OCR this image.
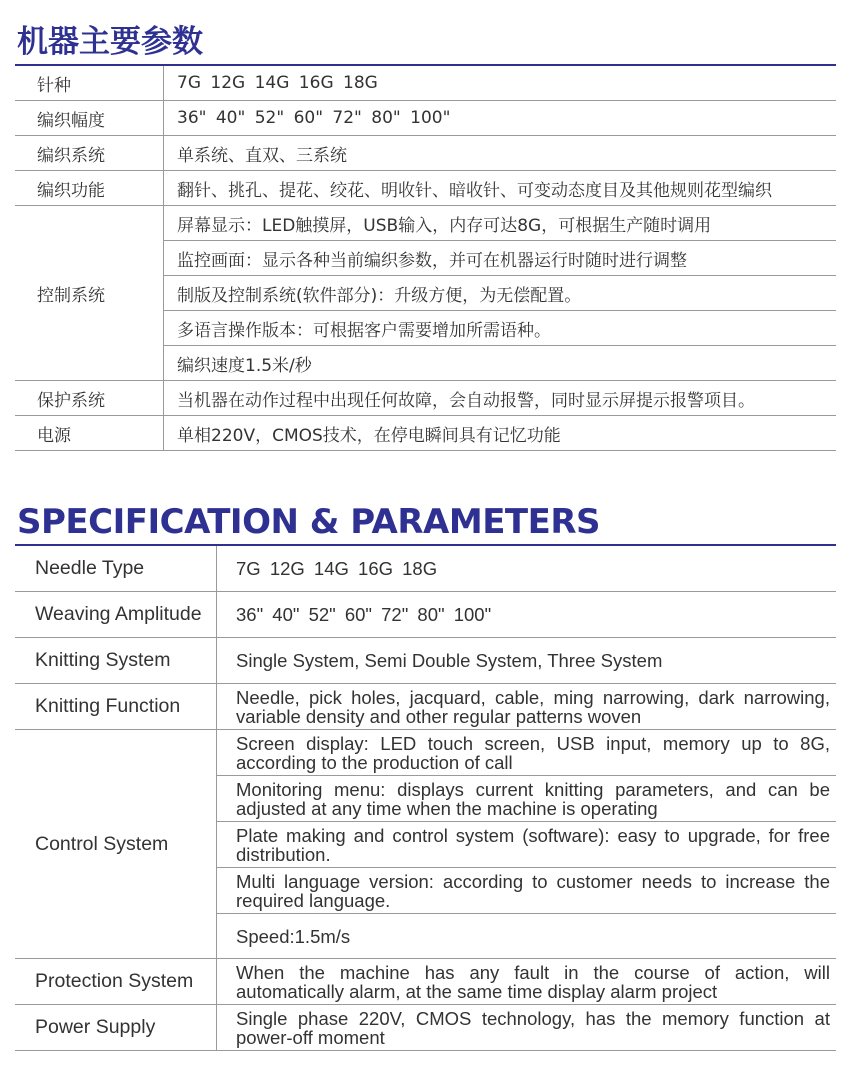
机器主要参数
针种	7G 12G 14G 16G 18G
编织幅度	36" 40" 52" 60" 72" 80" 100"
编织系统	单系统、直双、三系统
编织功能	翻针、挑孔、提花、绞花、明收针、暗收针、可变动态度目及其他规则花型编织
控制系统	屏幕显示：LED触摸屏，USB输入，内存可达8G，可根据生产随时调用
	监控画面：显示各种当前编织参数，并可在机器运行时随时进行调整
	制版及控制系统(软件部分)：升级方便，为无偿配置。
	多语言操作版本：可根据客户需要增加所需语种。
	编织速度1.5米/秒
保护系统	当机器在动作过程中出现任何故障，会自动报警，同时显示屏提示报警项目。
电源	单相220V，CMOS技术，在停电瞬间具有记忆功能
SPECIFICATION & PARAMETERS
Needle Type	7G 12G 14G 16G 18G
Weaving Amplitude	36" 40" 52" 60" 72" 80" 100"
Knitting System	Single System, Semi Double System, Three System
Knitting Function	Needle, pick holes, jacquard, cable, ming narrowing, dark narrowing, variable density and other regular patterns woven
Control System	Screen display: LED touch screen, USB input, memory up to 8G, according to the production of call
	Monitoring menu: displays current knitting parameters, and can be adjusted at any time when the machine is operating
	Plate making and control system (software): easy to upgrade, for free distribution.
	Multi language version: according to customer needs to increase the required language.
	Speed:1.5m/s
Protection System	When the machine has any fault in the course of action, will automatically alarm, at the same time display alarm project
Power Supply	Single phase 220V, CMOS technology, has the memory function at power-off moment
